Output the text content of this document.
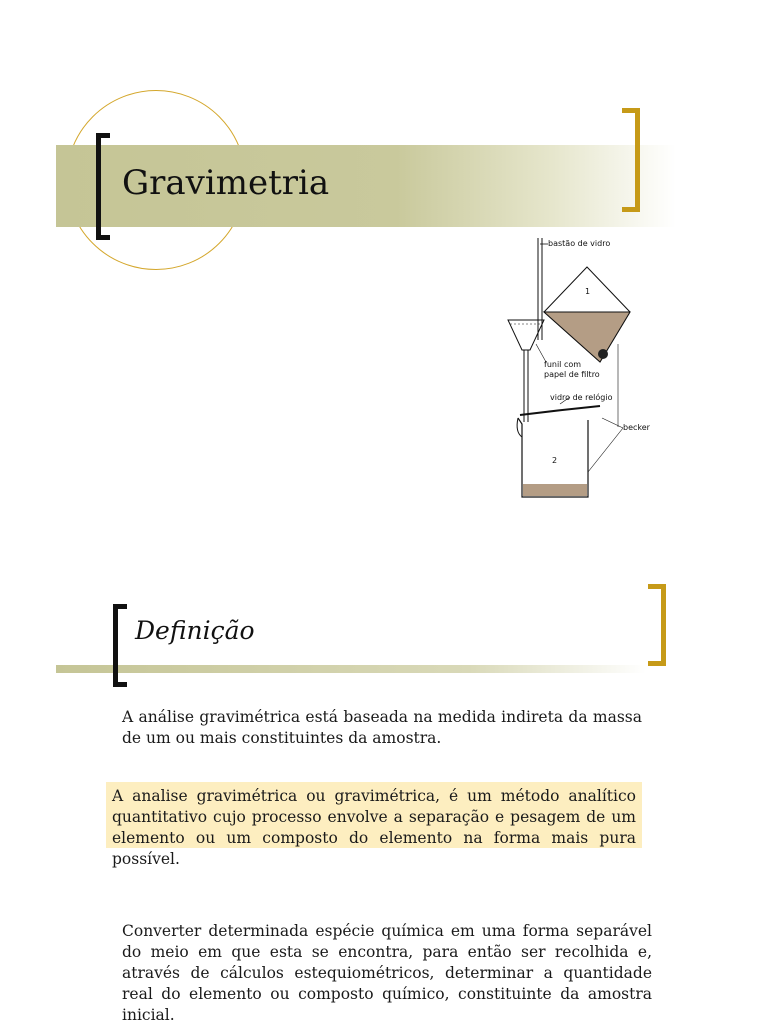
Gravimetria
bastão de vidro
1
funil com
papel de filtro
vidro de relógio
2
becker
Definição
A análise gravimétrica está baseada na medida indireta da massa de um ou mais constituintes da amostra.
A analise gravimétrica ou gravimétrica, é um método analítico quantitativo cujo processo envolve a separação e pesagem de um elemento ou um composto do elemento na forma mais pura possível.
Converter determinada espécie química em uma forma separável do meio em que esta se encontra, para então ser recolhida e, através de cálculos estequiométricos, determinar a quantidade real do elemento ou composto químico, constituinte da amostra inicial.
